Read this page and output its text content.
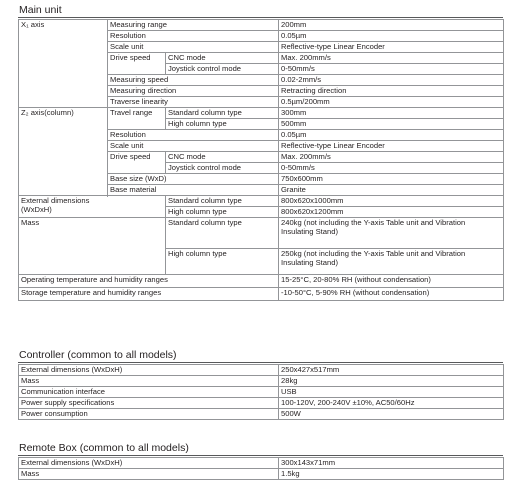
Main unit
X₁ axis	Measuring range		200mm
	Resolution		0.05µm
	Scale unit		Reflective-type Linear Encoder
	Drive speed	CNC mode	Max. 200mm/s
		Joystick control mode	0-50mm/s
	Measuring speed		0.02-2mm/s
	Measuring direction		Retracting direction
	Traverse linearity		0.5µm/200mm

Z₂ axis(column)	Travel range	Standard column type	300mm
		High column type	500mm
	Resolution		0.05µm
	Scale unit		Reflective-type Linear Encoder
	Drive speed	CNC mode	Max. 200mm/s
		Joystick control mode	0-50mm/s
	Base size (WxD)		750x600mm
	Base material		Granite

External dimensions
(WxDxH)		Standard column type	800x620x1000mm
		High column type	800x620x1200mm
Mass		Standard column type	240kg (not including the Y-axis Table unit and Vibration
Insulating Stand)
		High column type	250kg (not including the Y-axis Table unit and Vibration
Insulating Stand)
Operating temperature and humidity ranges			15-25°C, 20-80% RH (without condensation)
Storage temperature and humidity ranges			-10-50°C, 5-90% RH (without condensation)
Controller (common to all models)
External dimensions (WxDxH)	250x427x517mm
Mass	28kg
Communication interface	USB
Power supply specifications	100-120V, 200-240V ±10%, AC50/60Hz
Power consumption	500W
Remote Box (common to all models)
External dimensions (WxDxH)	300x143x71mm
Mass	1.5kg
